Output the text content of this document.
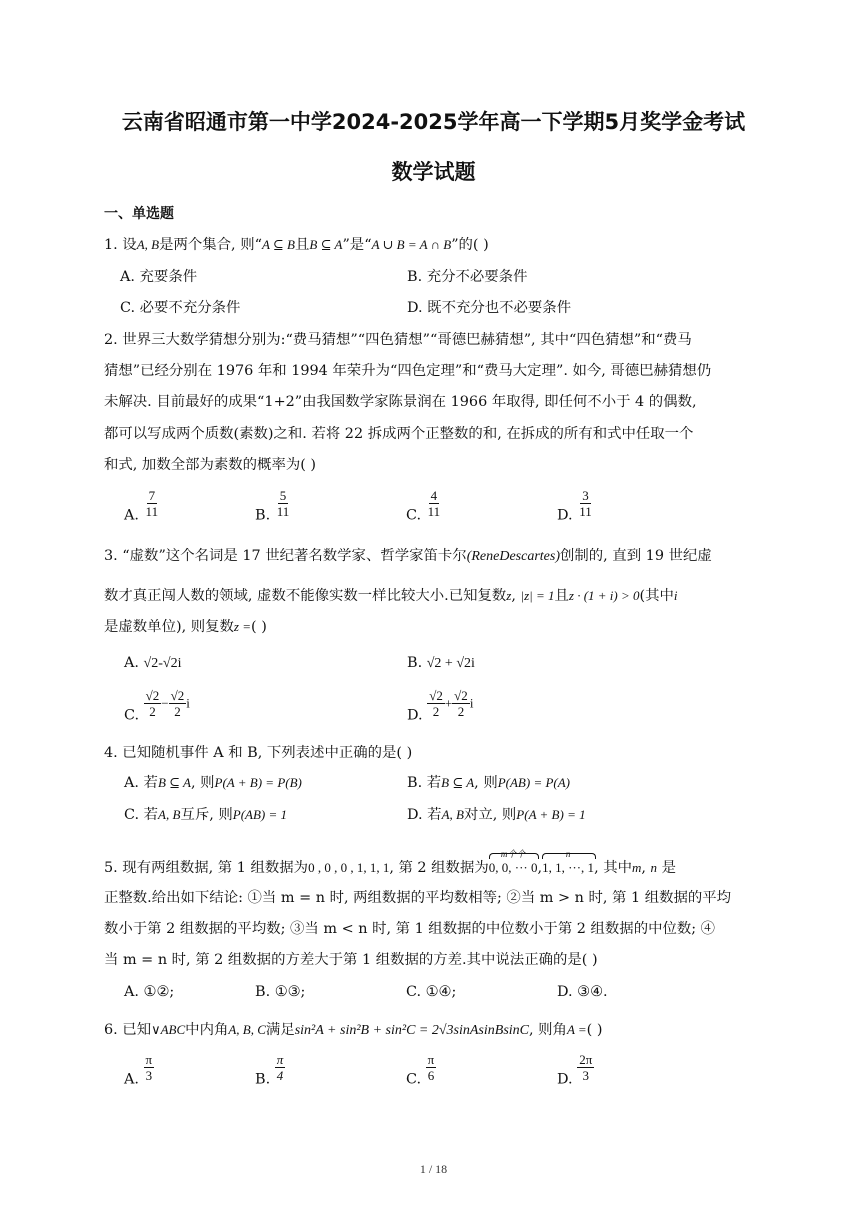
云南省昭通市第一中学2024-2025学年高一下学期5月奖学金考试
数学试题
一、单选题
1. 设A, B是两个集合, 则“A ⊆ B且B ⊆ A”是“A ∪ B = A ∩ B”的( )
A. 充要条件	B. 充分不必要条件
C. 必要不充分条件	D. 既不充分也不必要条件
2. 世界三大数学猜想分别为:“费马猜想”“四色猜想”“哥德巴赫猜想”, 其中“四色猜想”和“费马
猜想”已经分别在 1976 年和 1994 年荣升为“四色定理”和“费马大定理”. 如今, 哥德巴赫猜想仍
未解决. 目前最好的成果“1+2”由我国数学家陈景润在 1966 年取得, 即任何不小于 4 的偶数,
都可以写成两个质数(素数)之和. 若将 22 拆成两个正整数的和, 在拆成的所有和式中任取一个
和式, 加数全部为素数的概率为( )
A. $\frac{7}{11}$	B. $\frac{5}{11}$	C. $\frac{4}{11}$	D. $\frac{3}{11}$
3. “虚数”这个名词是 17 世纪著名数学家、哲学家笛卡尔(ReneDescartes)创制的, 直到 19 世纪虚
数才真正闯人数的领域, 虚数不能像实数一样比较大小.已知复数z, |z| = 1且z · (1 + i) > 0(其中i
是虚数单位), 则复数z =( )
A. √2-√2i	B. √2 + √2i
C. $\frac{√2}{2} - \frac{√2}{2}$ i
D. $\frac{√2}{2} + \frac{√2}{2}$ i
4. 已知随机事件 A 和 B, 下列表述中正确的是( )
A. 若B ⊆ A, 则P(A + B) = P(B)	B. 若B ⊆ A, 则P(AB) = P(A)
C. 若A, B互斥, 则P(AB) = 1	D. 若A, B对立, 则P(A + B) = 1
5. 现有两组数据, 第 1 组数据为0 , 0 , 0 , 1, 1, 1, 第 2 组数据为
m个个
0, 0, ··· 0,
n
1, 1, ···, 1, 其中m, n 是
正整数.给出如下结论: ①当 m = n 时, 两组数据的平均数相等; ②当 m > n 时, 第 1 组数据的平均
数小于第 2 组数据的平均数; ③当 m < n 时, 第 1 组数据的中位数小于第 2 组数据的中位数; ④
当 m = n 时, 第 2 组数据的方差大于第 1 组数据的方差.其中说法正确的是( )
A. ①②;	B. ①③;	C. ①④;	D. ③④.
6. 已知∨ABC中内角A, B, C满足sin²A + sin²B + sin²C = 2√3sinAsinBsinC, 则角A =( )
A. $\frac{\pi}{3}$	B. $\frac{\pi}{4}$	C. $\frac{\pi}{6}$	D. $\frac{2\pi}{3}$
1 / 18
